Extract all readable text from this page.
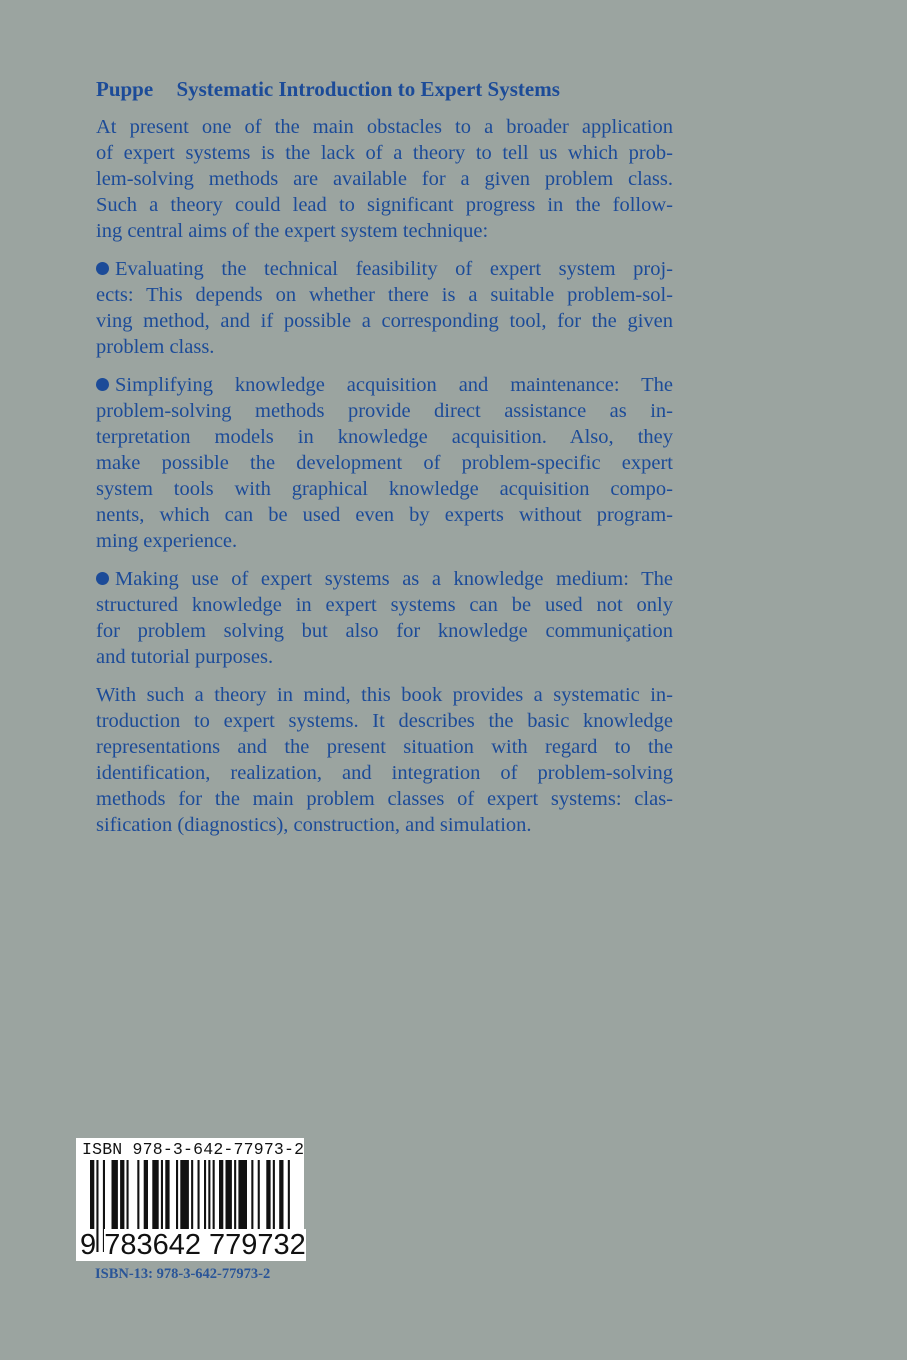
Puppe Systematic Introduction to Expert Systems
At present one of the main obstacles to a broader application
of expert systems is the lack of a theory to tell us which prob-
lem-solving methods are available for a given problem class.
Such a theory could lead to significant progress in the follow-
ing central aims of the expert system technique:
Evaluating the technical feasibility of expert system proj-
ects: This depends on whether there is a suitable problem-sol-
ving method, and if possible a corresponding tool, for the given
problem class.
Simplifying knowledge acquisition and maintenance: The
problem-solving methods provide direct assistance as in-
terpretation models in knowledge acquisition. Also, they
make possible the development of problem-specific expert
system tools with graphical knowledge acquisition compo-
nents, which can be used even by experts without program-
ming experience.
Making use of expert systems as a knowledge medium: The
structured knowledge in expert systems can be used not only
for problem solving but also for knowledge communiçation
and tutorial purposes.
With such a theory in mind, this book provides a systematic in-
troduction to expert systems. It describes the basic knowledge
representations and the present situation with regard to the
identification, realization, and integration of problem-solving
methods for the main problem classes of expert systems: clas-
sification (diagnostics), construction, and simulation.
ISBN 978-3-642-77973-2
9 783642 779732
ISBN-13: 978-3-642-77973-2
